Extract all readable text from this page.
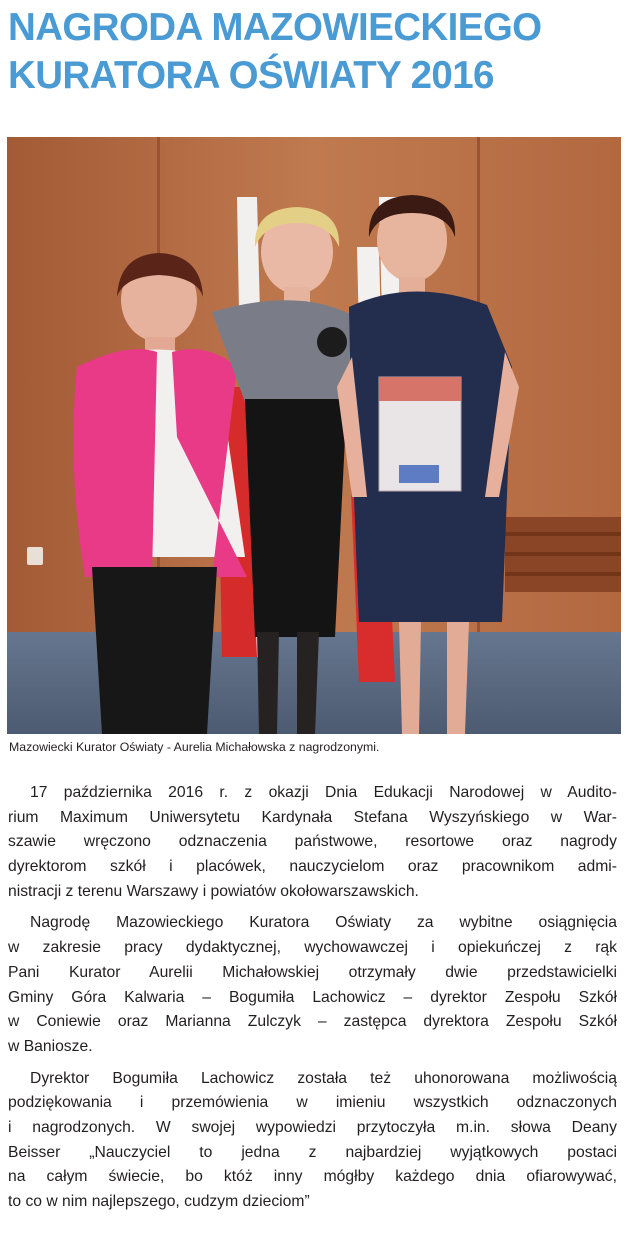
NAGRODA MAZOWIECKIEGO
KURATORA OŚWIATY 2016
Mazowiecki Kurator Oświaty - Aurelia Michałowska z nagrodzonymi.
17 października 2016 r. z okazji Dnia Edukacji Narodowej w Audito-
rium Maximum Uniwersytetu Kardynała Stefana Wyszyńskiego w War-
szawie wręczono odznaczenia państwowe, resortowe oraz nagrody
dyrektorom szkół i placówek, nauczycielom oraz pracownikom admi-
nistracji z terenu Warszawy i powiatów okołowarszawskich.
Nagrodę Mazowieckiego Kuratora Oświaty za wybitne osiągnięcia
w zakresie pracy dydaktycznej, wychowawczej i opiekuńczej z rąk
Pani Kurator Aurelii Michałowskiej otrzymały dwie przedstawicielki
Gminy Góra Kalwaria – Bogumiła Lachowicz – dyrektor Zespołu Szkół
w Coniewie oraz Marianna Zulczyk – zastępca dyrektora Zespołu Szkół
w Baniosze.
Dyrektor Bogumiła Lachowicz została też uhonorowana możliwością
podziękowania i przemówienia w imieniu wszystkich odznaczonych
i nagrodzonych. W swojej wypowiedzi przytoczyła m.in. słowa Deany
Beisser „Nauczyciel to jedna z najbardziej wyjątkowych postaci
na całym świecie, bo któż inny mógłby każdego dnia ofiarowywać,
to co w nim najlepszego, cudzym dzieciom”
